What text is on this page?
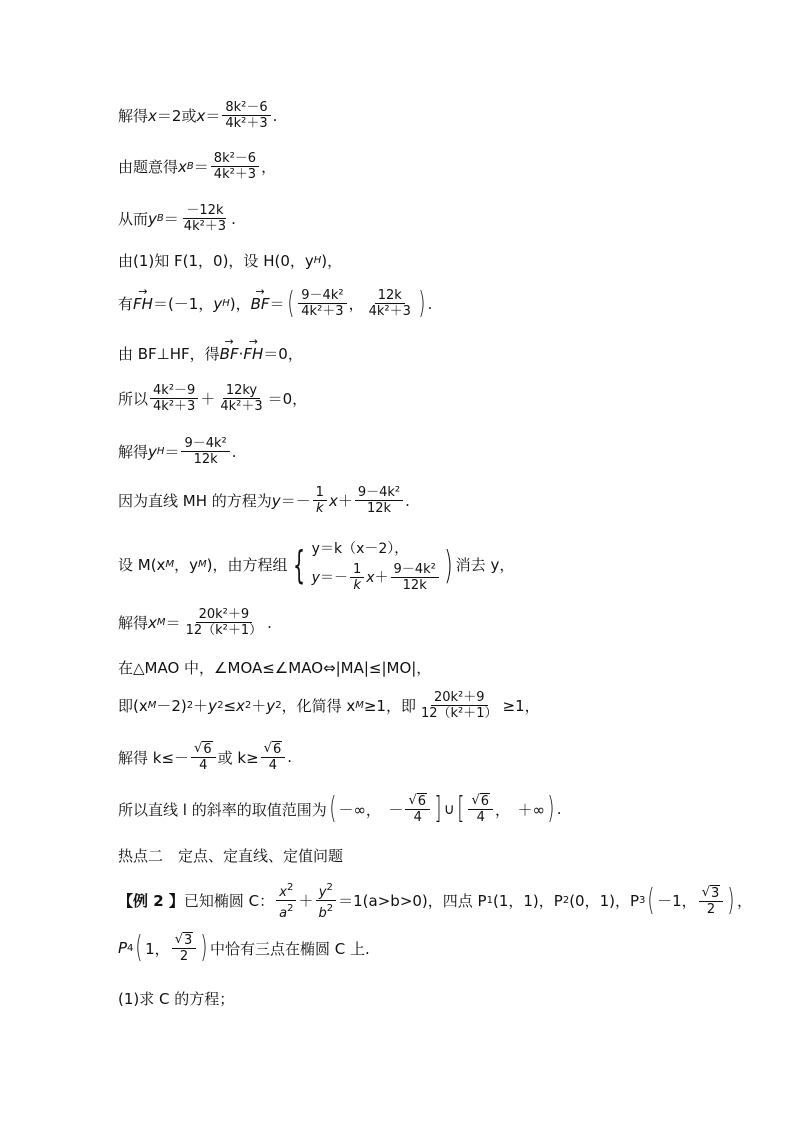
解得 x ＝2 或 $x = \frac{\text{8k²－6}}{\text{4k²＋3}}$ .
由题意得 x $B = \frac{\text{8k²－6}}{\text{4k²＋3}}$ ，
从而 y $B = \frac{-12k}{\text{4k²＋3}}$ .
由(1)知 F(1，0)，设 H(0，y H )，
有 → FH ＝(－1， y H )， → BF ＝ ( $\frac{\text{9－4k²}}{\text{4k²＋3}}$ ， $\frac{12k}{\text{4k²＋3}}$ ) .
由 BF⊥HF，得 → BF · → FH ＝0，
所以 $\frac{\text{4k²－9}}{\text{4k²＋3}} + \frac{12ky}{\text{4k²＋3}} =0$，
解得 y $H = \frac{\text{9－4k²}}{12k}$ .
因为直线 MH 的方程为 $y =- \frac{1}{k}$ $x + \frac{\text{9－4k²}}{12k}$ .
设 M(x M ，y M )，由方程组 { y＝k（x－2），
$y =- \frac{1}{k}$ $x + \frac{\text{9－4k²}}{12k}$ ) 消去 y，
解得 x $M = \frac{\text{20k²＋9}}{\text{12（k²＋1）}}$ .
在△MAO 中，∠MOA≤∠MAO⇔|MA|≤|MO|，
即(x M －2) 2 ＋ y 2 ≤ x 2 ＋ y 2 ，化简得 x M ≥1，即 $\frac{\text{20k²＋9}}{\text{12（k²＋1）}} \ge 1$，
解得 $k\le- \frac{√ 6}{4}$ 或 $k\ge \frac{√ 6}{4}$ .
所以直线 l 的斜率的取值范围为 ( －∞，　－ $\frac{√ 6}{4}$ ] ∪ [ $\frac{√ 6}{4}$ ，　＋∞ ) .
热点二　定点、定直线、定值问题
【例 2 】 已知椭圆 C： $\frac{x^2}{a^2} + \frac{y^2}{b^2} =1(a>b>0)$，四点 P 1 (1，1)，P 2 (0，1)，P 3 ( －1， $\frac{√ 3}{2}$ ) ，
P 4 ( 1， $\frac{√ 3}{2}$ ) 中恰有三点在椭圆 C 上.
(1)求 C 的方程；
